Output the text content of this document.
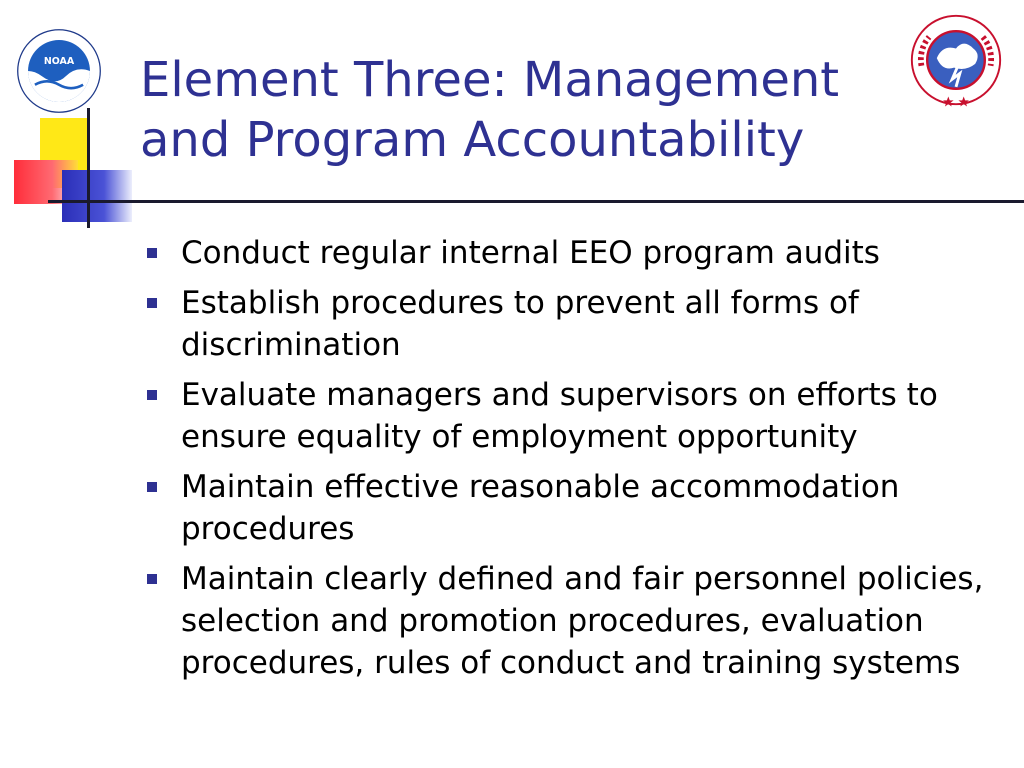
NOAA Element Three: Management
and Program Accountability
Conduct regular internal EEO program audits
Establish procedures to prevent all forms of discrimination
Evaluate managers and supervisors on efforts to ensure equality of employment opportunity
Maintain effective reasonable accommodation procedures
Maintain clearly defined and fair personnel policies, selection and promotion procedures, evaluation procedures, rules of conduct and training systems
